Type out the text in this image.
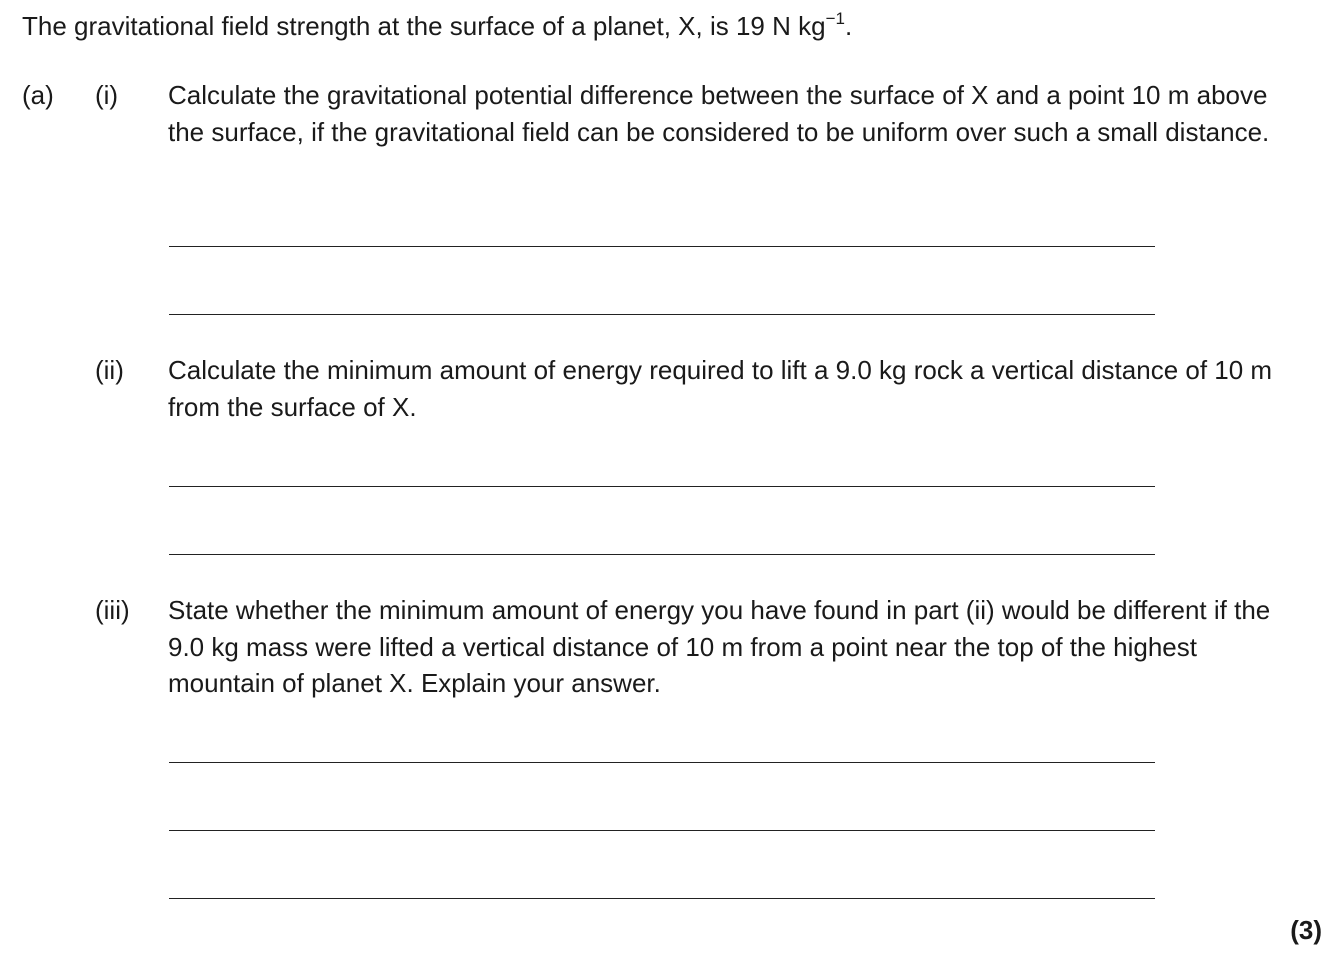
The gravitational field strength at the surface of a planet, X, is 19 N $kg^{-1}$.
(a) (i) Calculate the gravitational potential difference between the surface of X and a point 10 m above the surface, if the gravitational field can be considered to be uniform over such a small distance.
(ii) Calculate the minimum amount of energy required to lift a 9.0 kg rock a vertical distance of 10 m from the surface of X.
(iii) State whether the minimum amount of energy you have found in part (ii) would be different if the 9.0 kg mass were lifted a vertical distance of 10 m from a point near the top of the highest mountain of planet X. Explain your answer.
(3)
